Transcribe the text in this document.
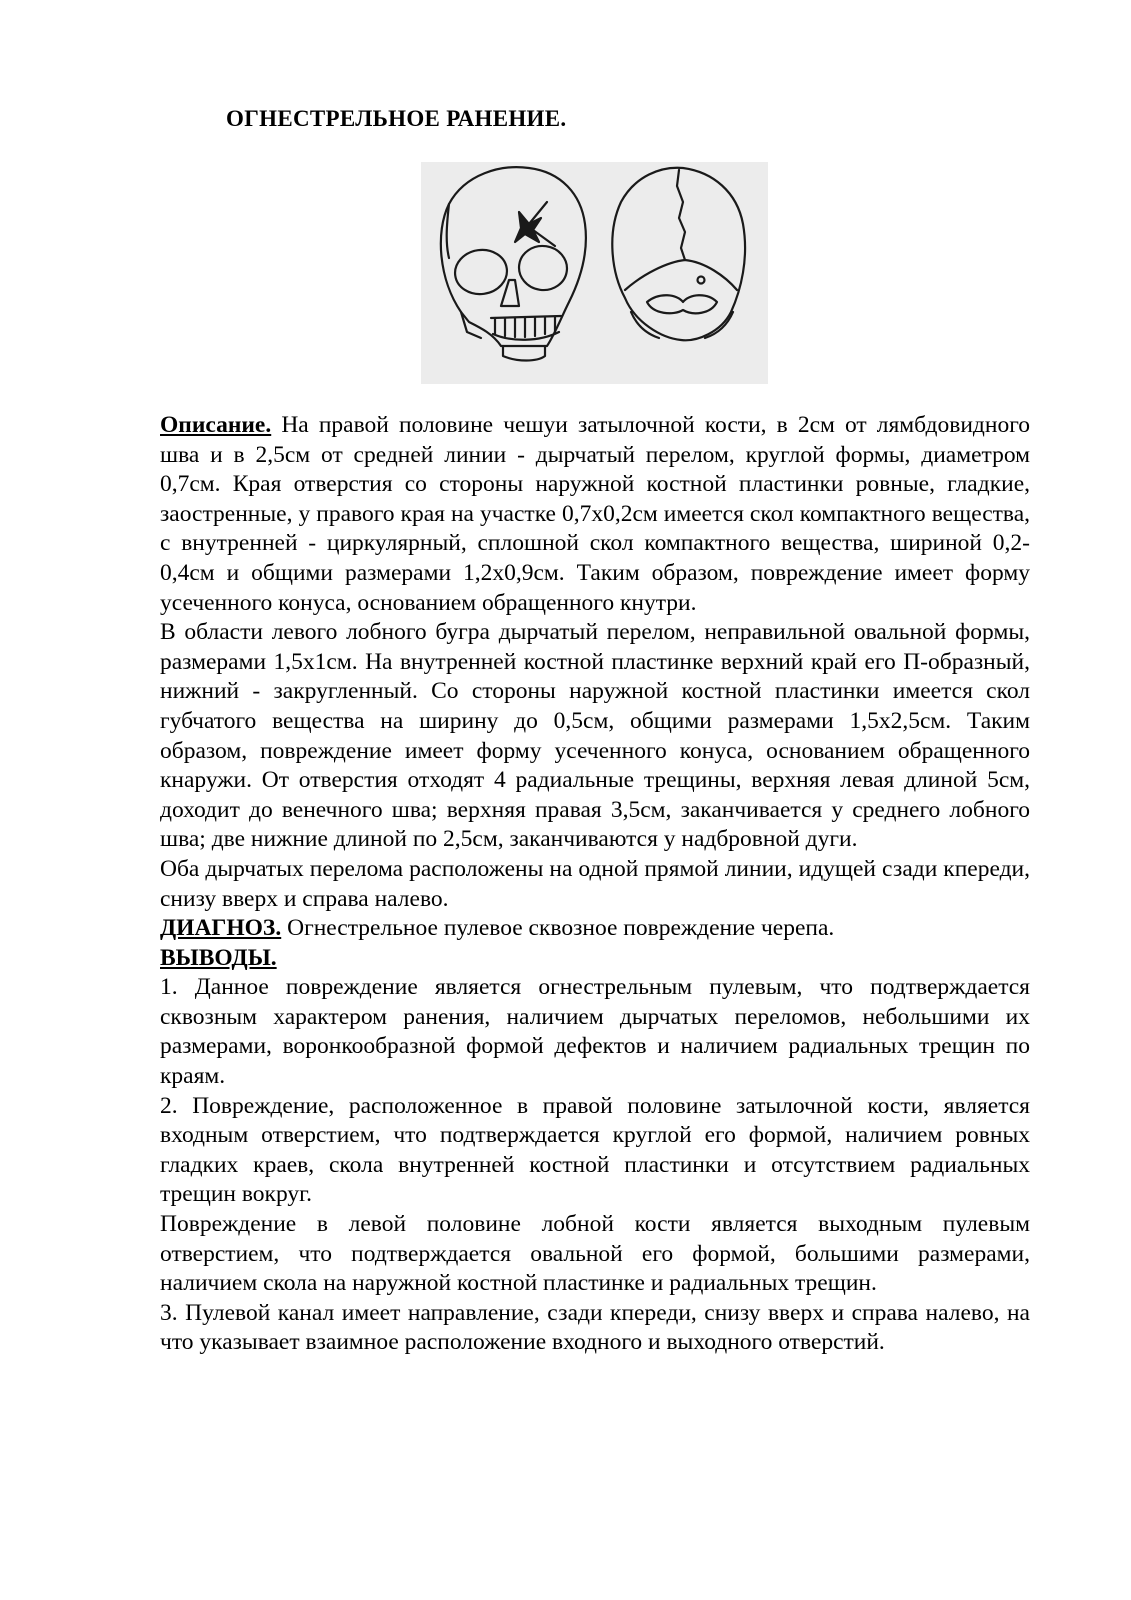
ОГНЕСТРЕЛЬНОЕ РАНЕНИЕ.

Описание. На правой половине чешуи затылочной кости, в 2см от лямбдовидного шва и в 2,5см от средней линии - дырчатый перелом, круглой формы, диаметром 0,7см. Края отверстия со стороны наружной костной пластинки ровные, гладкие, заостренные, у правого края на участке 0,7х0,2см имеется скол компактного вещества, с внутренней - циркулярный, сплошной скол компактного вещества, шириной 0,2-0,4см и общими размерами 1,2х0,9см. Таким образом, повреждение имеет форму усеченного конуса, основанием обращенного кнутри.

В области левого лобного бугра дырчатый перелом, неправильной овальной формы, размерами 1,5х1см. На внутренней костной пластинке верхний край его П-образный, нижний - закругленный. Со стороны наружной костной пластинки имеется скол губчатого вещества на ширину до 0,5см, общими размерами 1,5х2,5см. Таким образом, повреждение имеет форму усеченного конуса, основанием обращенного кнаружи. От отверстия отходят 4 радиальные трещины, верхняя левая длиной 5см, доходит до венечного шва; верхняя правая 3,5см, заканчивается у среднего лобного шва; две нижние длиной по 2,5см, заканчиваются у надбровной дуги.

Оба дырчатых перелома расположены на одной прямой линии, идущей сзади кпереди, снизу вверх и справа налево.

ДИАГНОЗ. Огнестрельное пулевое сквозное повреждение черепа.

ВЫВОДЫ.

1. Данное повреждение является огнестрельным пулевым, что подтверждается сквозным характером ранения, наличием дырчатых переломов, небольшими их размерами, воронкообразной формой дефектов и наличием радиальных трещин по краям.

2. Повреждение, расположенное в правой половине затылочной кости, является входным отверстием, что подтверждается круглой его формой, наличием ровных гладких краев, скола внутренней костной пластинки и отсутствием радиальных трещин вокруг.

Повреждение в левой половине лобной кости является выходным пулевым отверстием, что подтверждается овальной его формой, большими размерами, наличием скола на наружной костной пластинке и радиальных трещин.

3. Пулевой канал имеет направление, сзади кпереди, снизу вверх и справа налево, на что указывает взаимное расположение входного и выходного отверстий.
